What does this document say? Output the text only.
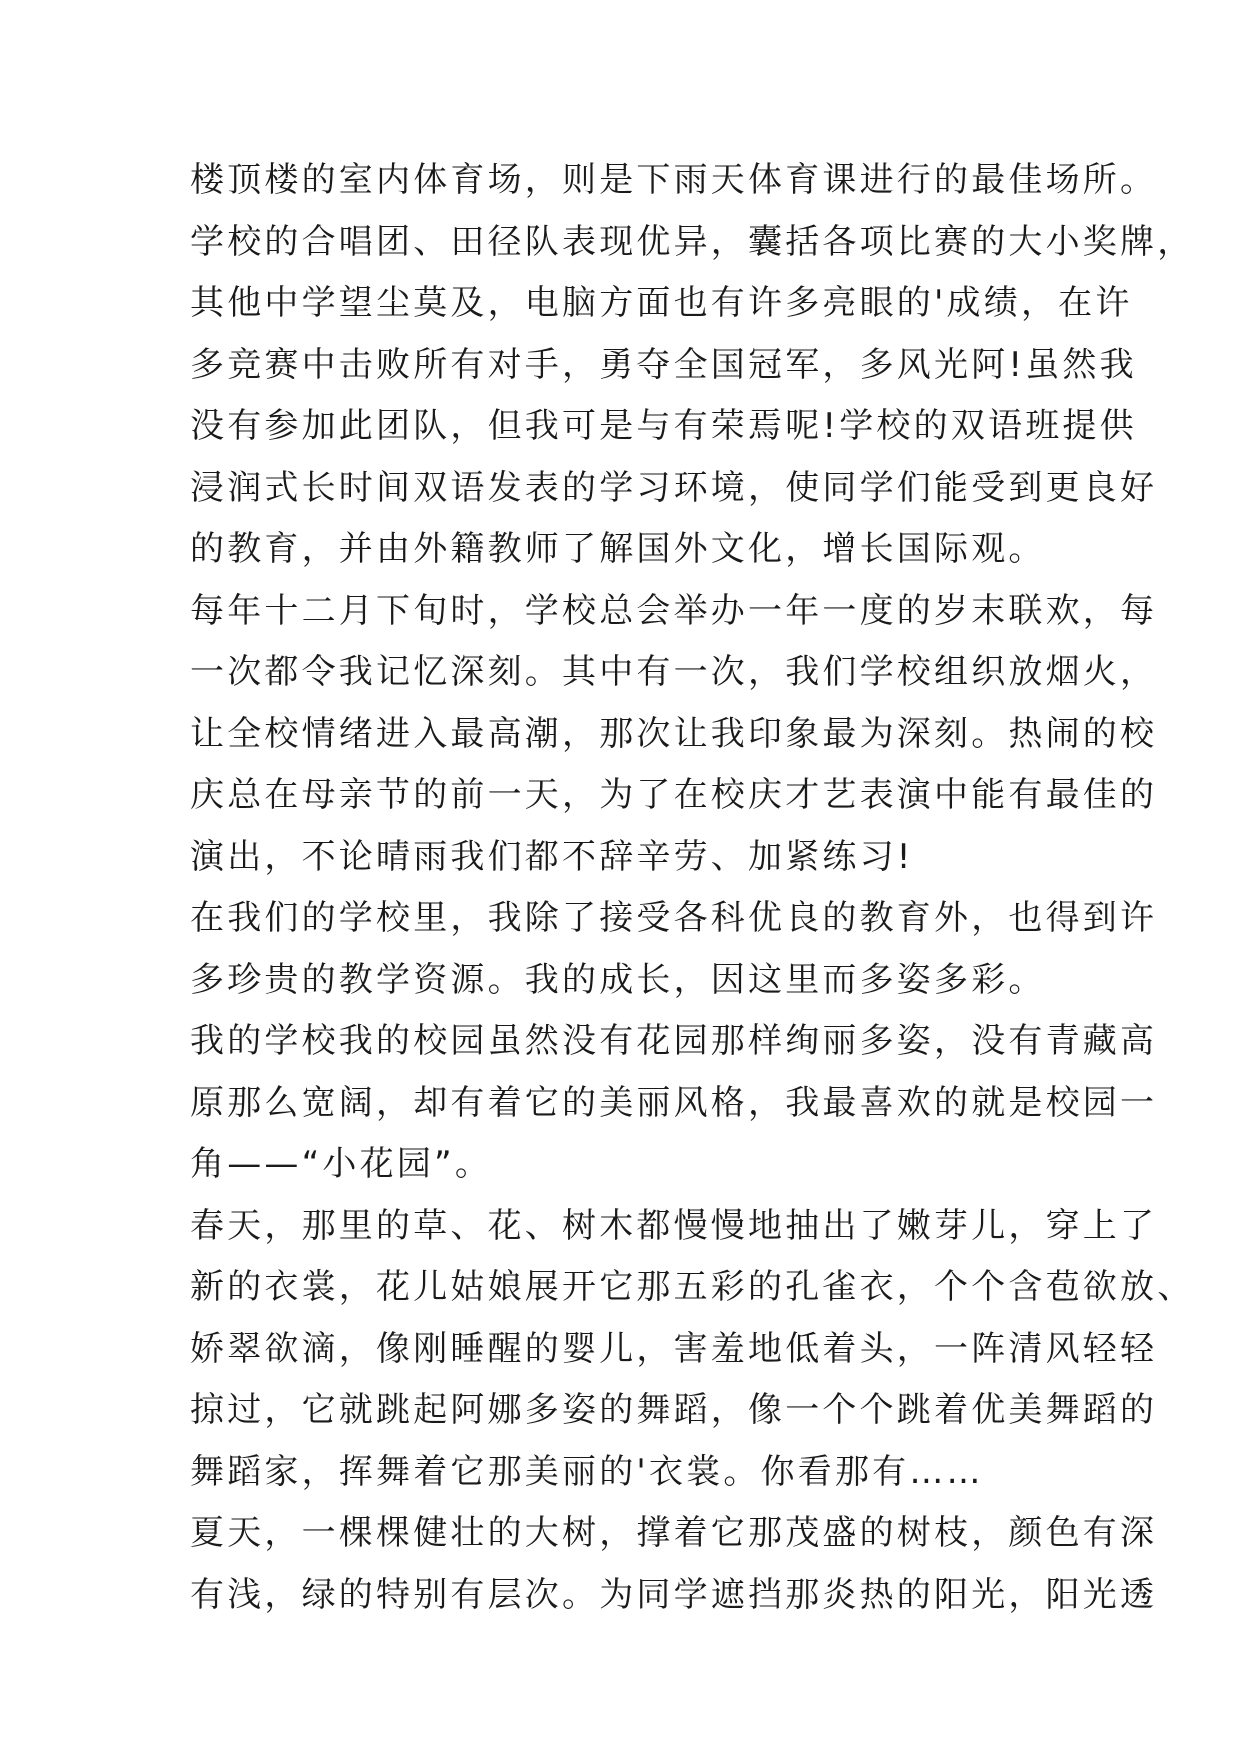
楼顶楼的室内体育场，则是下雨天体育课进行的最佳场所。
学校的合唱团、田径队表现优异，囊括各项比赛的大小奖牌，
其他中学望尘莫及，电脑方面也有许多亮眼的'成绩，在许
多竞赛中击败所有对手，勇夺全国冠军，多风光阿!虽然我
没有参加此团队，但我可是与有荣焉呢!学校的双语班提供
浸润式长时间双语发表的学习环境，使同学们能受到更良好
的教育，并由外籍教师了解国外文化，增长国际观。
每年十二月下旬时，学校总会举办一年一度的岁末联欢，每
一次都令我记忆深刻。其中有一次，我们学校组织放烟火，
让全校情绪进入最高潮，那次让我印象最为深刻。热闹的校
庆总在母亲节的前一天，为了在校庆才艺表演中能有最佳的
演出，不论晴雨我们都不辞辛劳、加紧练习!
在我们的学校里，我除了接受各科优良的教育外，也得到许
多珍贵的教学资源。我的成长，因这里而多姿多彩。
我的学校我的校园虽然没有花园那样绚丽多姿，没有青藏高
原那么宽阔，却有着它的美丽风格，我最喜欢的就是校园一
角——“小花园”。
春天，那里的草、花、树木都慢慢地抽出了嫩芽儿，穿上了
新的衣裳，花儿姑娘展开它那五彩的孔雀衣，个个含苞欲放、
娇翠欲滴，像刚睡醒的婴儿，害羞地低着头，一阵清风轻轻
掠过，它就跳起阿娜多姿的舞蹈，像一个个跳着优美舞蹈的
舞蹈家，挥舞着它那美丽的'衣裳。你看那有……
夏天，一棵棵健壮的大树，撑着它那茂盛的树枝，颜色有深
有浅，绿的特别有层次。为同学遮挡那炎热的阳光，阳光透
